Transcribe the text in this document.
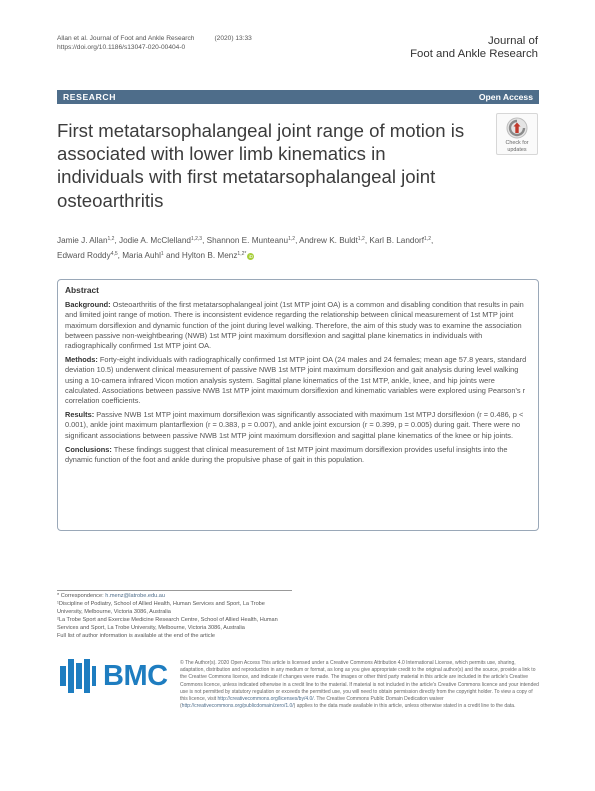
Allan et al. Journal of Foot and Ankle Research	(2020) 13:33
https://doi.org/10.1186/s13047-020-00404-0
Journal of
Foot and Ankle Research
RESEARCH	Open Access
First metatarsophalangeal joint range of motion is associated with lower limb kinematics in individuals with first metatarsophalangeal joint osteoarthritis
Check for
updates
Jamie J. Allan$^{1,2}$, Jodie A. McClelland$^{1,2,3}$, Shannon E. Munteanu$^{1,2}$, Andrew K. Buldt$^{1,2}$, Karl B. Landorf$^{1,2}$,
Edward Roddy$^{4,5}$, Maria Auhl$^1$ and Hylton B. Menz$^{1,2*}$ iD
Abstract

Background: Osteoarthritis of the first metatarsophalangeal joint (1st MTP joint OA) is a common and disabling condition that results in pain and limited joint range of motion. There is inconsistent evidence regarding the relationship between clinical measurement of 1st MTP joint maximum dorsiflexion and dynamic function of the joint during level walking. Therefore, the aim of this study was to examine the association between passive non-weightbearing (NWB) 1st MTP joint maximum dorsiflexion and sagittal plane kinematics in individuals with radiographically confirmed 1st MTP joint OA.

Methods: Forty-eight individuals with radiographically confirmed 1st MTP joint OA (24 males and 24 females; mean age 57.8 years, standard deviation 10.5) underwent clinical measurement of passive NWB 1st MTP joint maximum dorsiflexion and gait analysis during level walking using a 10-camera infrared Vicon motion analysis system. Sagittal plane kinematics of the 1st MTP, ankle, knee, and hip joints were calculated. Associations between passive NWB 1st MTP joint maximum dorsiflexion and kinematic variables were explored using Pearson's r correlation coefficients.

Results: Passive NWB 1st MTP joint maximum dorsiflexion was significantly associated with maximum 1st MTPJ dorsiflexion (r = 0.486, p < 0.001), ankle joint maximum plantarflexion (r = 0.383, p = 0.007), and ankle joint excursion (r = 0.399, p = 0.005) during gait. There were no significant associations between passive NWB 1st MTP joint maximum dorsiflexion and sagittal plane kinematics of the knee or hip joints.

Conclusions: These findings suggest that clinical measurement of 1st MTP joint maximum dorsiflexion provides useful insights into the dynamic function of the foot and ankle during the propulsive phase of gait in this population.

* Correspondence: h.menz@latrobe.edu.au
¹Discipline of Podiatry, School of Allied Health, Human Services and Sport, La Trobe University, Melbourne, Victoria 3086, Australia
²La Trobe Sport and Exercise Medicine Research Centre, School of Allied Health, Human Services and Sport, La Trobe University, Melbourne, Victoria 3086, Australia
Full list of author information is available at the end of the article
BMC © The Author(s). 2020 Open Access This article is licensed under a Creative Commons Attribution 4.0 International License, which permits use, sharing, adaptation, distribution and reproduction in any medium or format, as long as you give appropriate credit to the original author(s) and the source, provide a link to the Creative Commons licence, and indicate if changes were made. The images or other third party material in this article are included in the article's Creative Commons licence, unless indicated otherwise in a credit line to the material. If material is not included in the article's Creative Commons licence and your intended use is not permitted by statutory regulation or exceeds the permitted use, you will need to obtain permission directly from the copyright holder. To view a copy of this licence, visit http://creativecommons.org/licenses/by/4.0/. The Creative Commons Public Domain Dedication waiver (http://creativecommons.org/publicdomain/zero/1.0/) applies to the data made available in this article, unless otherwise stated in a credit line to the data.
